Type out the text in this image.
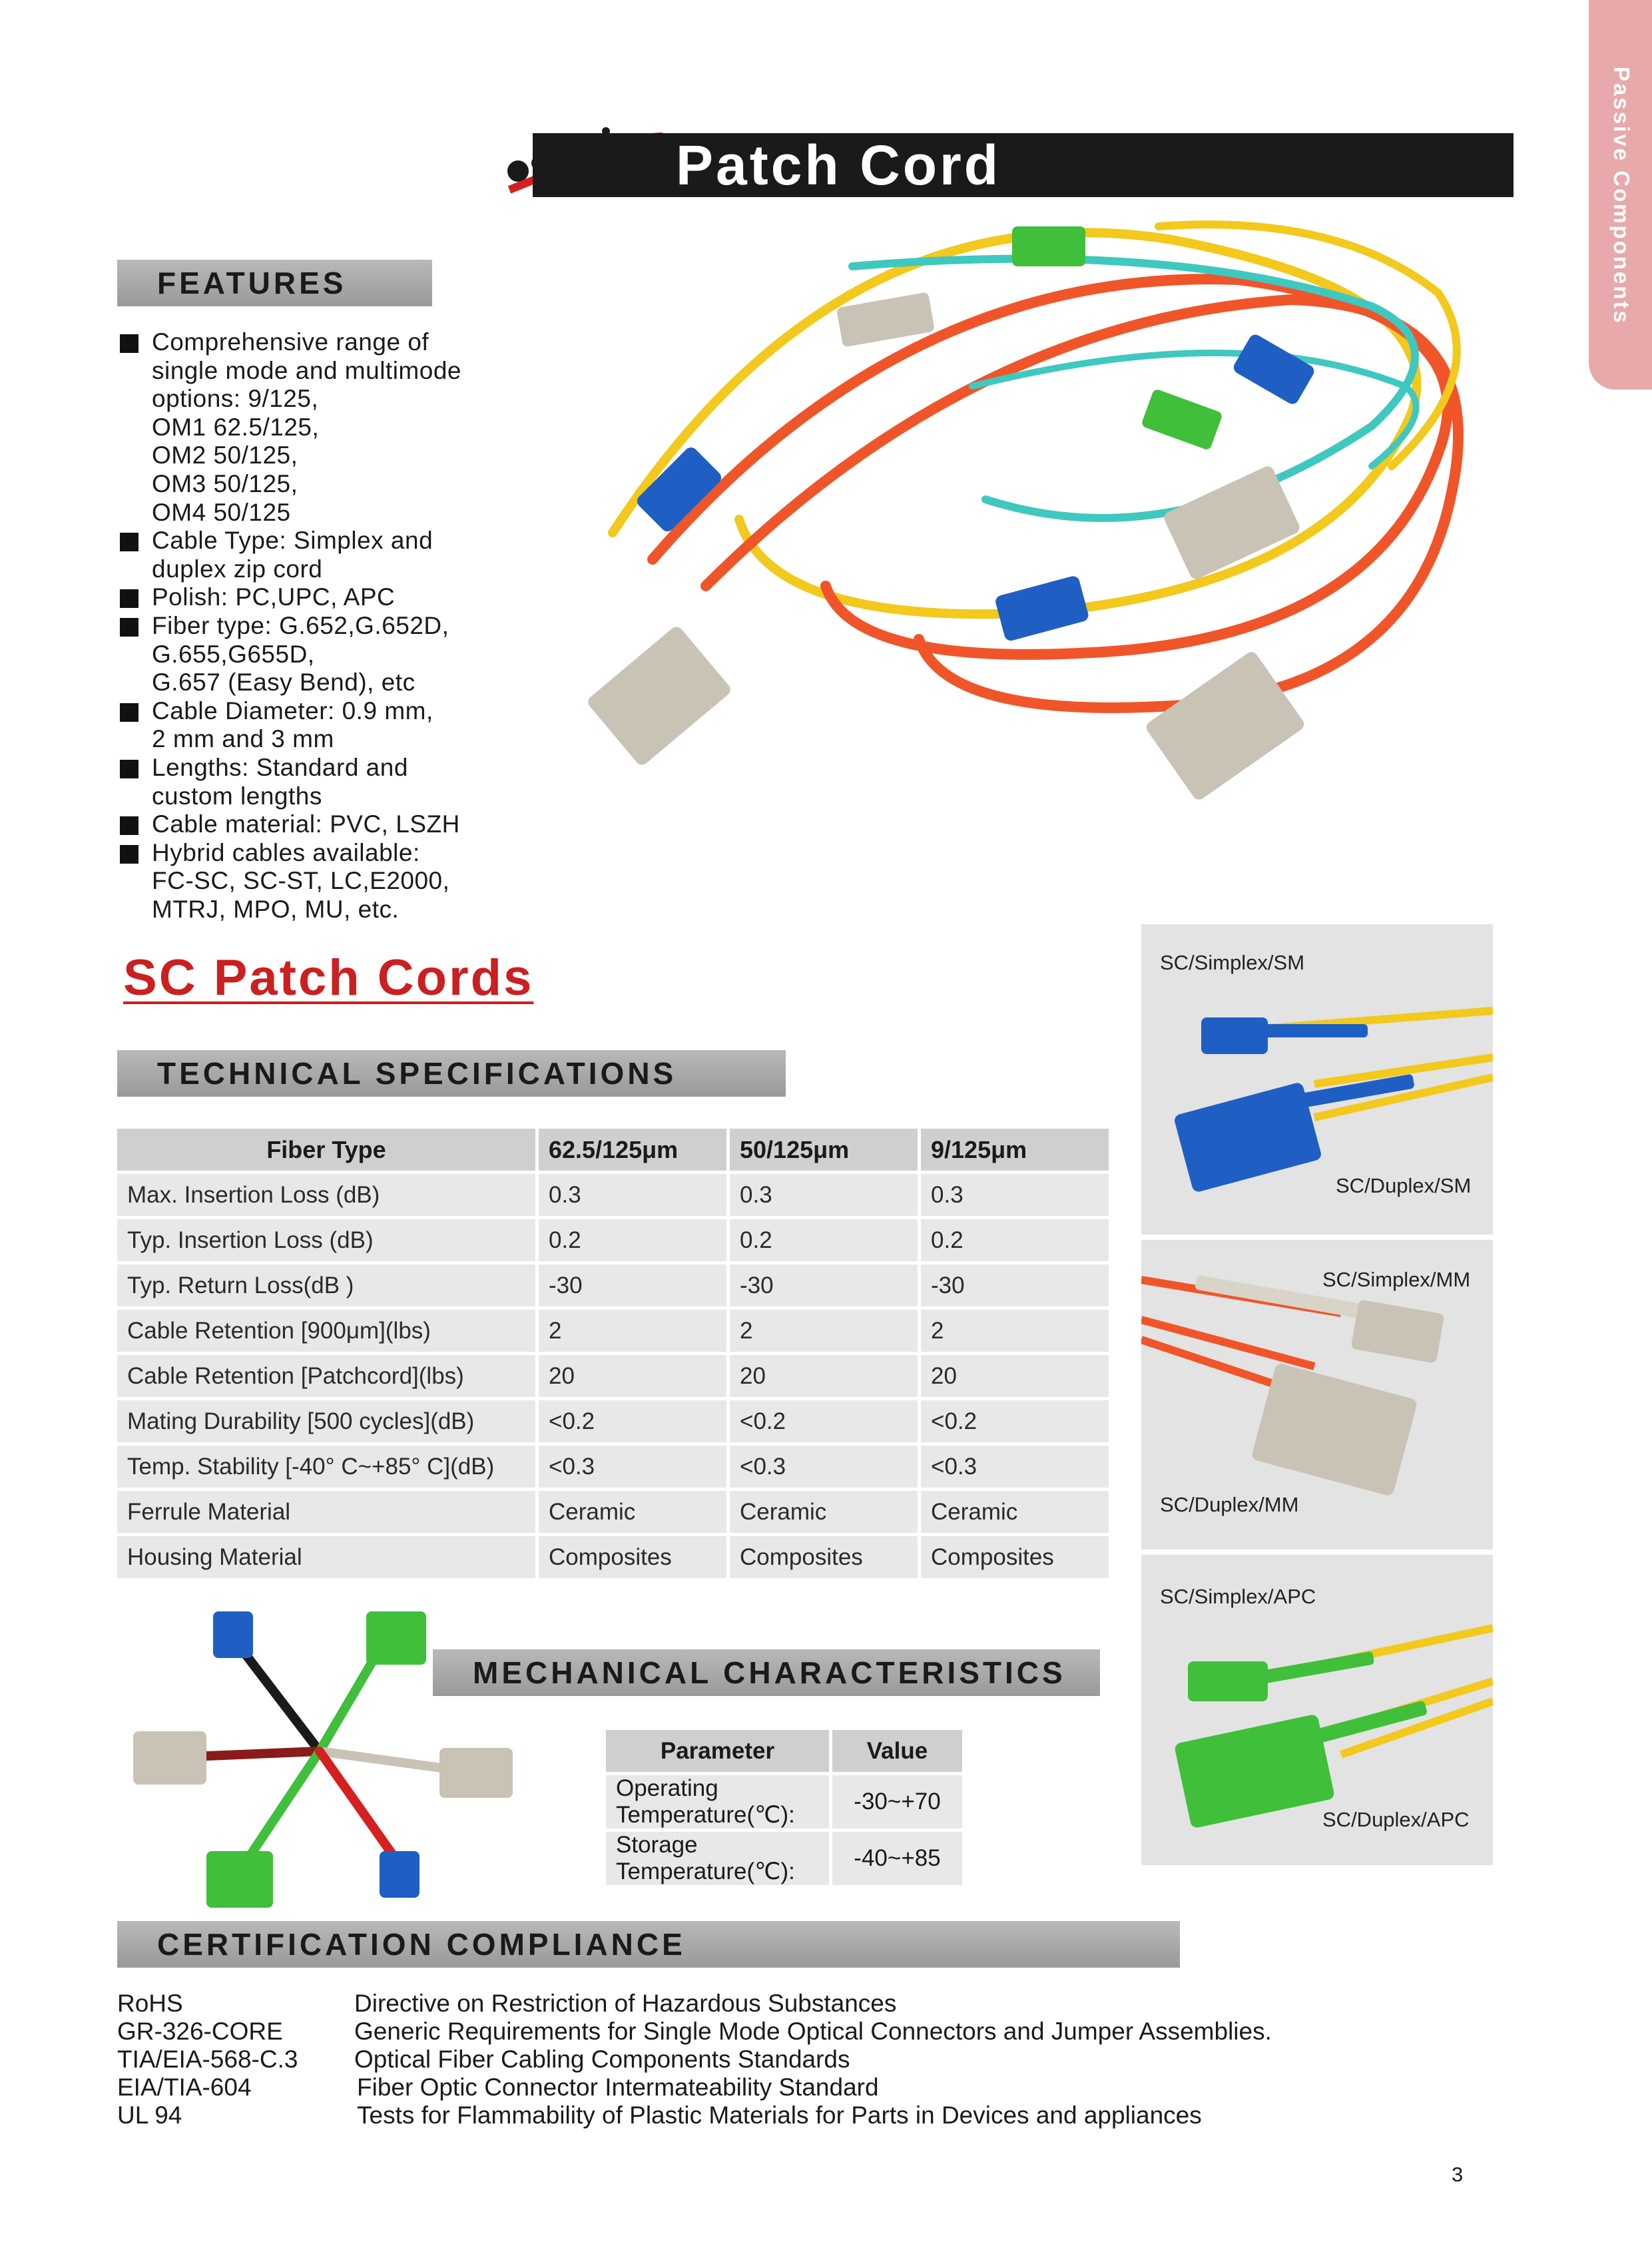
Passive Components
Patch Cord
FEATURES
Comprehensive range of
single mode and multimode
options: 9/125,
OM1 62.5/125,
OM2 50/125,
OM3 50/125,
OM4 50/125
Cable Type: Simplex and
duplex zip cord
Polish: PC,UPC, APC
Fiber type: G.652,G.652D,
G.655,G655D,
G.657 (Easy Bend), etc
Cable Diameter: 0.9 mm,
2 mm and 3 mm
Lengths: Standard and
custom lengths
Cable material: PVC, LSZH
Hybrid cables available:
FC-SC, SC-ST, LC,E2000,
MTRJ, MPO, MU, etc.
SC Patch Cords
TECHNICAL SPECIFICATIONS
Fiber Type	62.5/125μm	50/125μm	9/125μm
Max. Insertion Loss (dB)	0.3	0.3	0.3
Typ. Insertion Loss (dB)	0.2	0.2	0.2
Typ. Return Loss(dB )	-30	-30	-30
Cable Retention [900μm](lbs)	2	2	2
Cable Retention [Patchcord](lbs)	20	20	20
Mating Durability [500 cycles](dB)	<0.2	<0.2	<0.2
Temp. Stability [-40° C~+85° C](dB)	<0.3	<0.3	<0.3
Ferrule Material	Ceramic	Ceramic	Ceramic
Housing Material	Composites	Composites	Composites
MECHANICAL CHARACTERISTICS
Parameter	Value
Operating Temperature(℃):	-30~+70
Storage Temperature(℃):	-40~+85
SC/Simplex/SM
SC/Duplex/SM
SC/Simplex/MM
SC/Duplex/MM
SC/Simplex/APC
SC/Duplex/APC
CERTIFICATION COMPLIANCE
RoHS	Directive on Restriction of Hazardous Substances
GR-326-CORE	Generic Requirements for Single Mode Optical Connectors and Jumper Assemblies.
TIA/EIA-568-C.3 Optical Fiber Cabling Components Standards
EIA/TIA-604	Fiber Optic Connector Intermateability Standard
UL 94	Tests for Flammability of Plastic Materials for Parts in Devices and appliances
3
